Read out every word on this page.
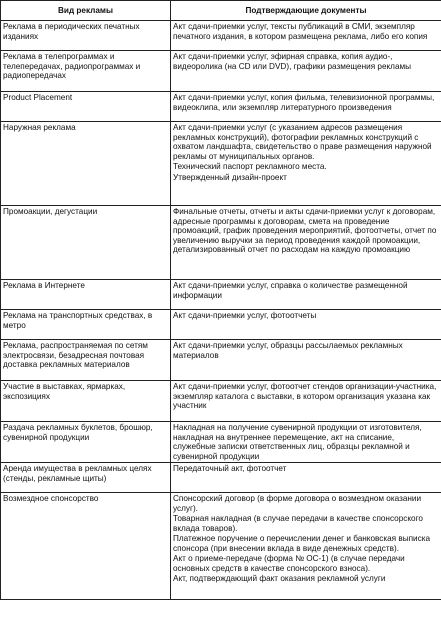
Вид рекламы	Подтверждающие документы
Реклама в периодических печатных изданиях	Акт сдачи-приемки услуг, тексты публикаций в СМИ, экземпляр печатного издания, в котором размещена реклама, либо его копия

Реклама в телепрограммах и телепередачах, радиопрограммах и радиопередачах	Акт сдачи-приемки услуг, эфирная справка, копия аудио-, видеоролика (на CD или DVD), графики размещения рекламы

Product Placement	Акт сдачи-приемки услуг, копия фильма, телевизионной программы, видеоклипа, или экземпляр литературного произведения

Наружная реклама	Акт сдачи-приемки услуг (с указанием адресов размещения рекламных конструкций), фотографии рекламных конструкций с охватом ландшафта, свидетельство о праве размещения наружной рекламы от муниципальных органов.
Технический паспорт рекламного места.
Утвержденный дизайн-проект

Промоакции, дегустации	Финальные отчеты, отчеты и акты сдачи-приемки услуг к договорам, адресные программы к договорам, смета на проведение промоакций, график проведения мероприятий, фотоотчеты, отчет по увеличению выручки за период проведения каждой промоакции, детализированный отчет по расходам на каждую промоакцию

Реклама в Интернете	Акт сдачи-приемки услуг, справка о количестве размещенной информации

Реклама на транспортных средствах, в метро	Акт сдачи-приемки услуг, фотоотчеты

Реклама, распространяемая по сетям электросвязи, безадресная почтовая доставка рекламных материалов	Акт сдачи-приемки услуг, образцы рассылаемых рекламных материалов

Участие в выставках, ярмарках, экспозициях	Акт сдачи-приемки услуг, фотоотчет стендов организации-участника, экземпляр каталога с выставки, в котором организация указана как участник

Раздача рекламных буклетов, брошюр, сувенирной продукции	Накладная на получение сувенирной продукции от изготовителя, накладная на внутреннее перемещение, акт на списание, служебные записки ответственных лиц, образцы рекламной и сувенирной продукции

Аренда имущества в рекламных целях (стенды, рекламные щиты)	Передаточный акт, фотоотчет

Возмездное спонсорство	Спонсорский договор (в форме договора о возмездном оказании услуг).
Товарная накладная (в случае передачи в качестве спонсорского вклада товаров).
Платежное поручение о перечислении денег и банковская выписка спонсора (при внесении вклада в виде денежных средств).
Акт о приеме-передаче (форма № ОС-1) (в случае передачи основных средств в качестве спонсорского взноса).
Акт, подтверждающий факт оказания рекламной услуги
